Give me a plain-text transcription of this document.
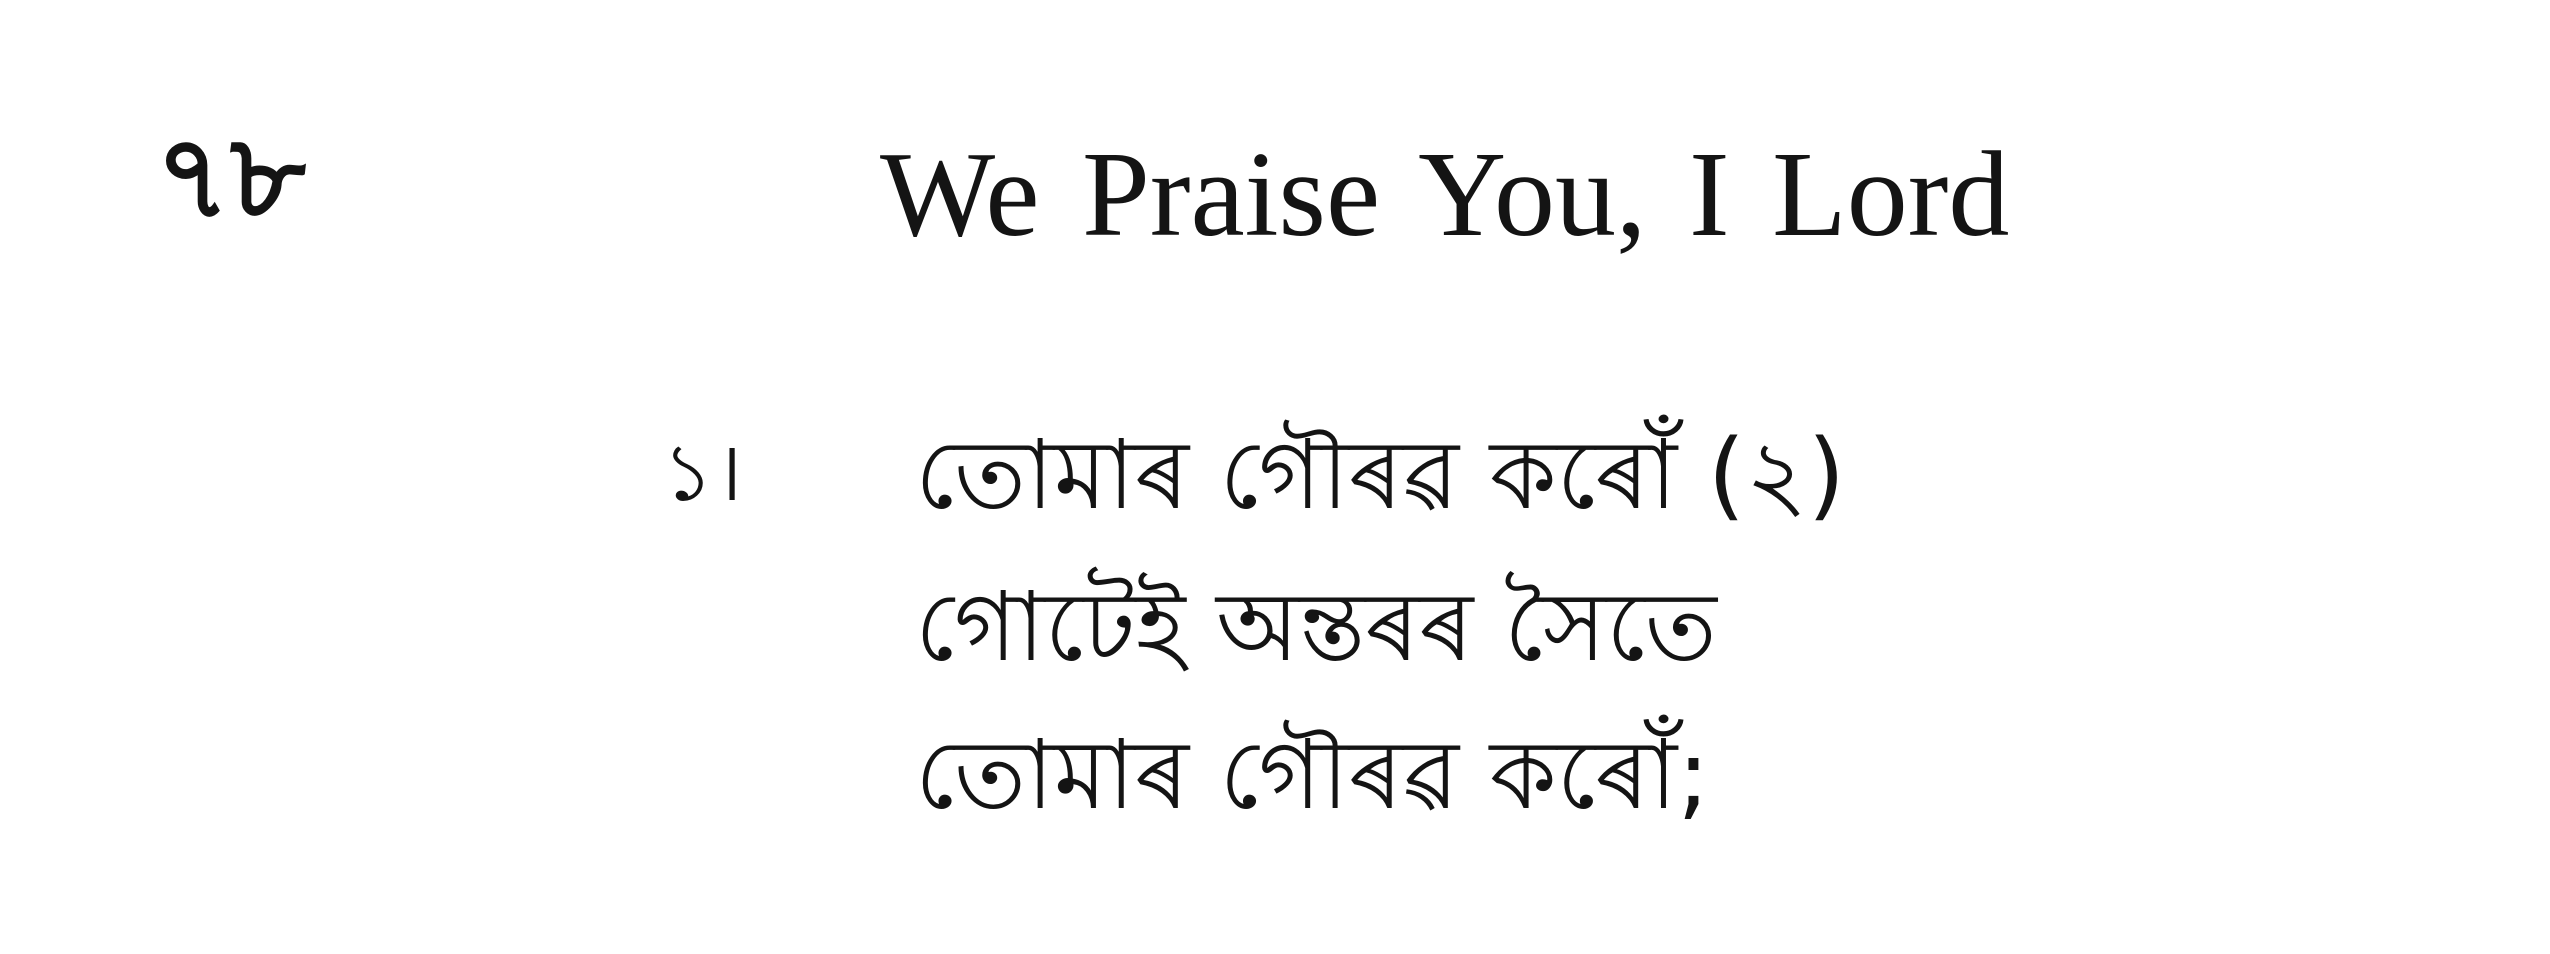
৭৮	We Praise You, I Lord
১। তোমাৰ গৌৰৱ কৰোঁ (২)
গোটেই অন্তৰৰ সৈতে
তোমাৰ গৌৰৱ কৰোঁ;
